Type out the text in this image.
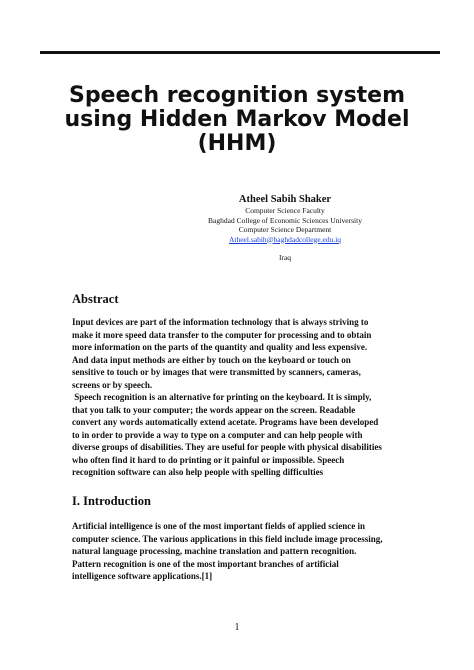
Speech recognition system
using Hidden Markov Model
(HHM)
Atheel Sabih Shaker
Computer Science Faculty
Baghdad College of Economic Sciences University
Computer Science Department
Atheel.sabih@baghdadcollege.edu.iq
Iraq
Abstract
Input devices are part of the information technology that is always striving to
make it more speed data transfer to the computer for processing and to obtain
more information on the parts of the quantity and quality and less expensive.
And data input methods are either by touch on the keyboard or touch on
sensitive to touch or by images that were transmitted by scanners, cameras,
screens or by speech.
Speech recognition is an alternative for printing on the keyboard. It is simply,
that you talk to your computer; the words appear on the screen. Readable
convert any words automatically extend acetate. Programs have been developed
to in order to provide a way to type on a computer and can help people with
diverse groups of disabilities. They are useful for people with physical disabilities
who often find it hard to do printing or it painful or impossible. Speech
recognition software can also help people with spelling difficulties
I. Introduction
Artificial intelligence is one of the most important fields of applied science in
computer science. The various applications in this field include image processing,
natural language processing, machine translation and pattern recognition.
Pattern recognition is one of the most important branches of artificial
intelligence software applications.[1]
1
